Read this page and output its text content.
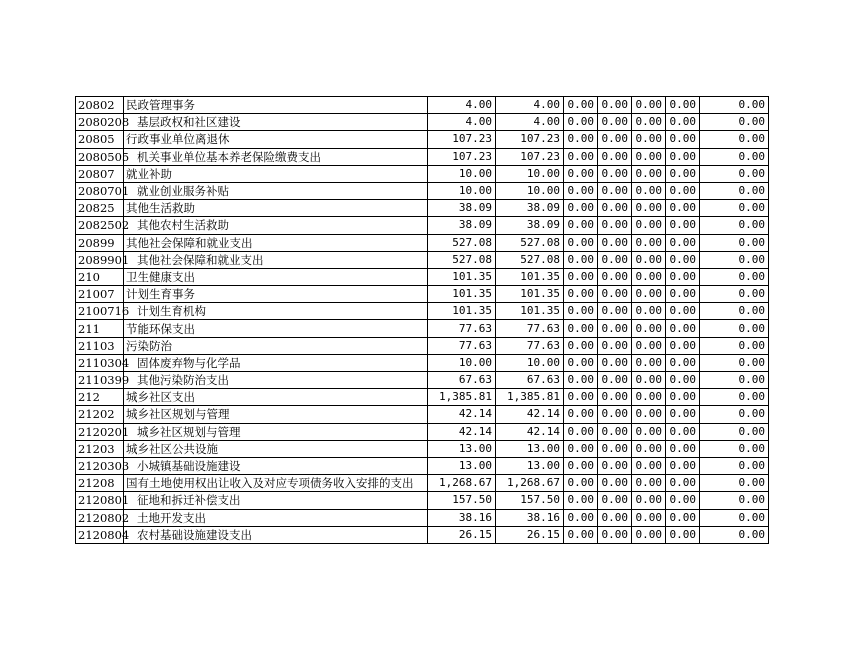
20802	民政管理事务	4.00	4.00	0.00	0.00	0.00	0.00	0.00
2080208	基层政权和社区建设	4.00	4.00	0.00	0.00	0.00	0.00	0.00
20805	行政事业单位离退休	107.23	107.23	0.00	0.00	0.00	0.00	0.00
2080505	机关事业单位基本养老保险缴费支出	107.23	107.23	0.00	0.00	0.00	0.00	0.00
20807	就业补助	10.00	10.00	0.00	0.00	0.00	0.00	0.00
2080701	就业创业服务补贴	10.00	10.00	0.00	0.00	0.00	0.00	0.00
20825	其他生活救助	38.09	38.09	0.00	0.00	0.00	0.00	0.00
2082502	其他农村生活救助	38.09	38.09	0.00	0.00	0.00	0.00	0.00
20899	其他社会保障和就业支出	527.08	527.08	0.00	0.00	0.00	0.00	0.00
2089901	其他社会保障和就业支出	527.08	527.08	0.00	0.00	0.00	0.00	0.00
210	卫生健康支出	101.35	101.35	0.00	0.00	0.00	0.00	0.00
21007	计划生育事务	101.35	101.35	0.00	0.00	0.00	0.00	0.00
2100716	计划生育机构	101.35	101.35	0.00	0.00	0.00	0.00	0.00
211	节能环保支出	77.63	77.63	0.00	0.00	0.00	0.00	0.00
21103	污染防治	77.63	77.63	0.00	0.00	0.00	0.00	0.00
2110304	固体废弃物与化学品	10.00	10.00	0.00	0.00	0.00	0.00	0.00
2110399	其他污染防治支出	67.63	67.63	0.00	0.00	0.00	0.00	0.00
212	城乡社区支出	1,385.81	1,385.81	0.00	0.00	0.00	0.00	0.00
21202	城乡社区规划与管理	42.14	42.14	0.00	0.00	0.00	0.00	0.00
2120201	城乡社区规划与管理	42.14	42.14	0.00	0.00	0.00	0.00	0.00
21203	城乡社区公共设施	13.00	13.00	0.00	0.00	0.00	0.00	0.00
2120303	小城镇基础设施建设	13.00	13.00	0.00	0.00	0.00	0.00	0.00
21208	国有土地使用权出让收入及对应专项债务收入安排的支出	1,268.67	1,268.67	0.00	0.00	0.00	0.00	0.00
2120801	征地和拆迁补偿支出	157.50	157.50	0.00	0.00	0.00	0.00	0.00
2120802	土地开发支出	38.16	38.16	0.00	0.00	0.00	0.00	0.00
2120804	农村基础设施建设支出	26.15	26.15	0.00	0.00	0.00	0.00	0.00
